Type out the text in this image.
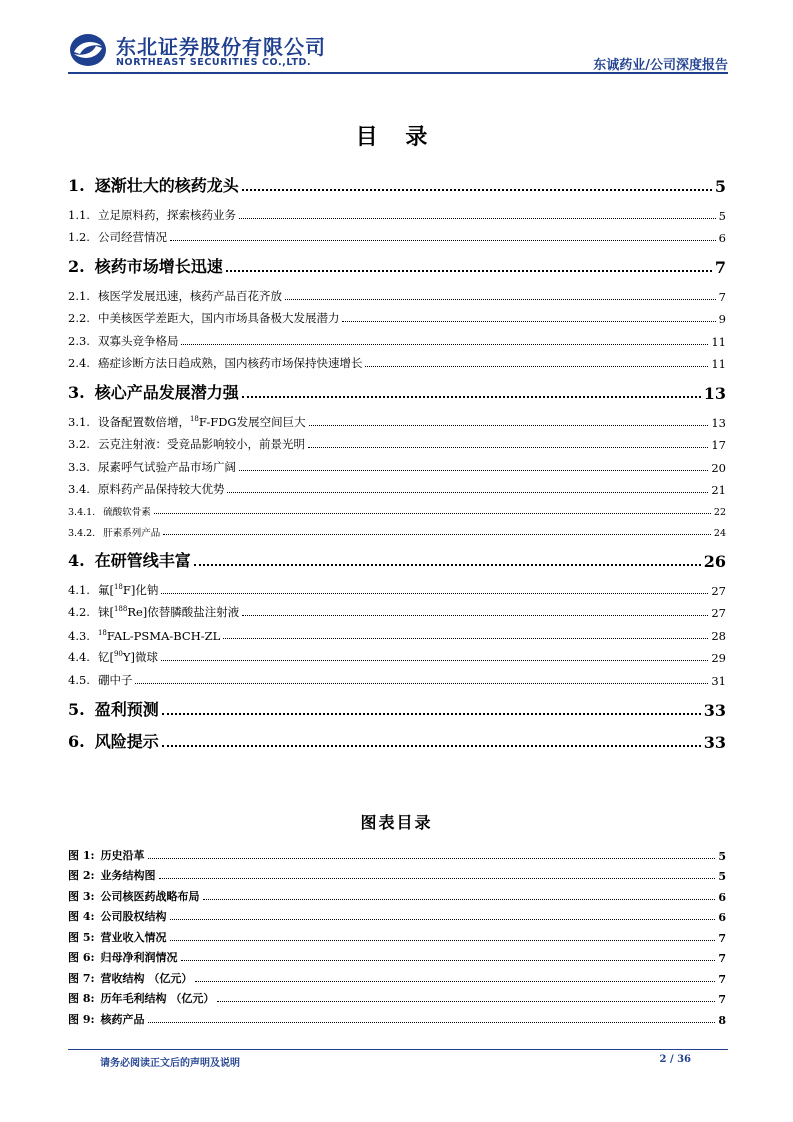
东北证券股份有限公司
NORTHEAST SECURITIES CO.,LTD.	东诚药业/公司深度报告
目 录
1. 逐渐壮大的核药龙头	5
1.1. 立足原料药，探索核药业务	5
1.2. 公司经营情况	6
2. 核药市场增长迅速	7
2.1. 核医学发展迅速，核药产品百花齐放	7
2.2. 中美核医学差距大，国内市场具备极大发展潜力	9
2.3. 双寡头竞争格局	11
2.4. 癌症诊断方法日趋成熟，国内核药市场保持快速增长	11
3. 核心产品发展潜力强	13
3.1. 设备配置数倍增，$^{18}$F-FDG发展空间巨大	13
3.2. 云克注射液：受竞品影响较小，前景光明	17
3.3. 尿素呼气试验产品市场广阔	20
3.4. 原料药产品保持较大优势	21
3.4.1. 硫酸软骨素	22
3.4.2. 肝素系列产品	24
4. 在研管线丰富	26
4.1. 氟[$^{18}$F]化钠	27
4.2. 铼[$^{188}$Re]依替膦酸盐注射液	27
4.3. $^{18}$FAL-PSMA-BCH-ZL	28
4.4. 钇[$^{90}$Y]微球	29
4.5. 硼中子	31
5. 盈利预测	33
6. 风险提示	33
图表目录
图 1: 历史沿革	5
图 2: 业务结构图	5
图 3: 公司核医药战略布局	6
图 4: 公司股权结构	6
图 5: 营业收入情况	7
图 6: 归母净利润情况	7
图 7: 营收结构 （亿元）	7
图 8: 历年毛利结构 （亿元）	7
图 9: 核药产品	8
请务必阅读正文后的声明及说明	2 / 36
